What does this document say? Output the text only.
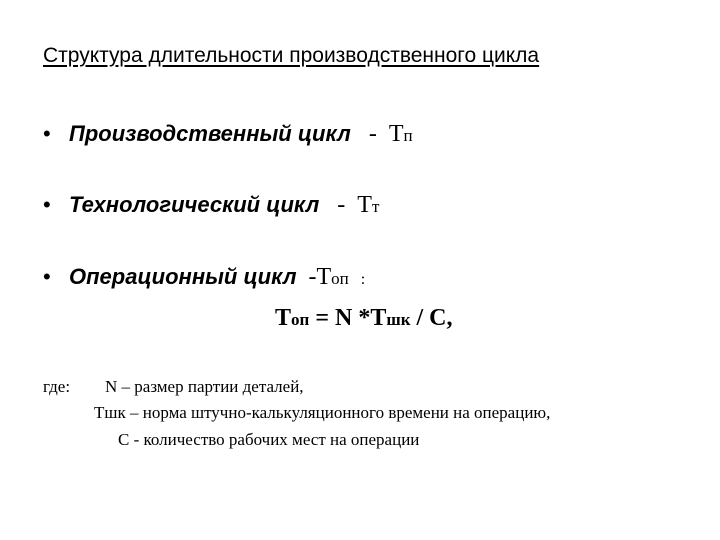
Структура длительности производственного цикла
• Производственный цикл - Тп
• Технологический цикл - Тт
• Операционный цикл -Топ :
Топ = N *Тшк / С,
где: N – размер партии деталей,
Тшк – норма штучно-калькуляционного времени на операцию,
С - количество рабочих мест на операции
